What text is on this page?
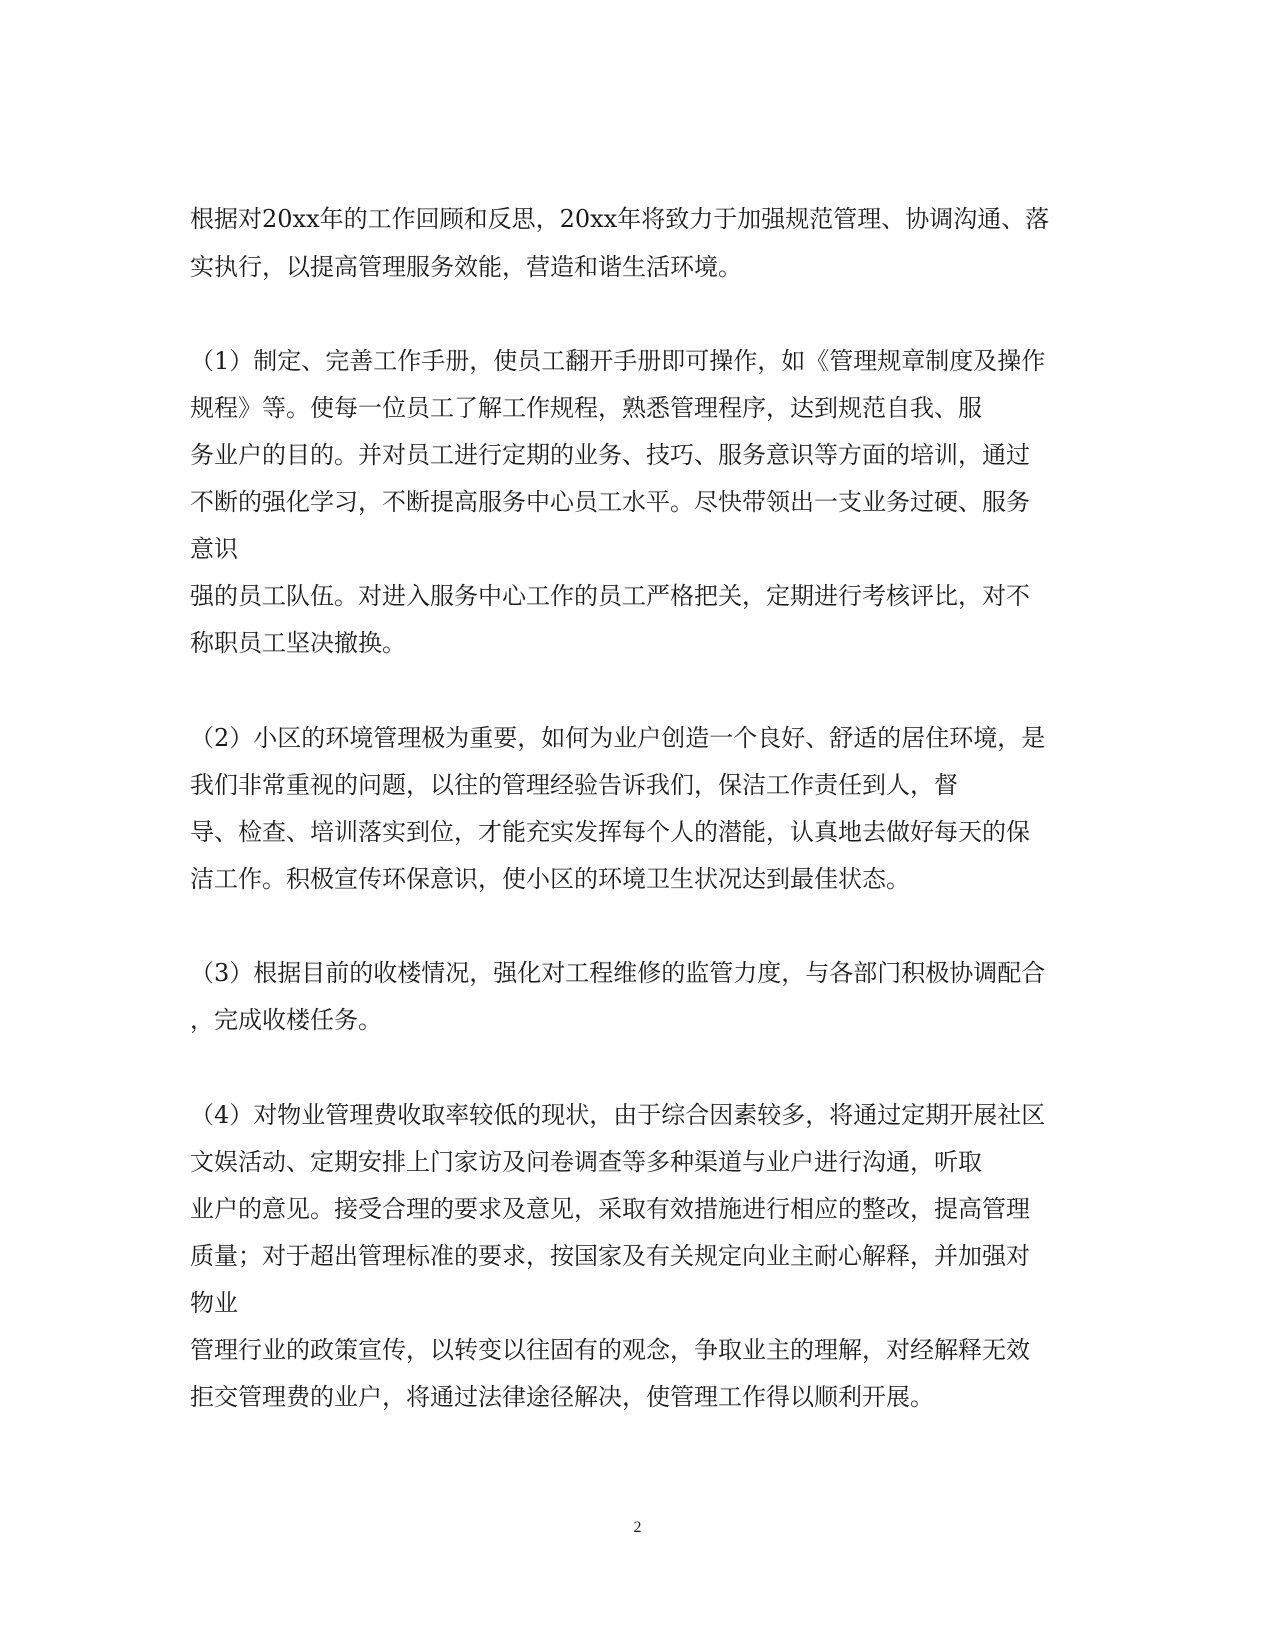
根据对20xx年的工作回顾和反思，20xx年将致力于加强规范管理、协调沟通、落
实执行，以提高管理服务效能，营造和谐生活环境。
（1）制定、完善工作手册，使员工翻开手册即可操作，如《管理规章制度及操作
规程》等。使每一位员工了解工作规程，熟悉管理程序，达到规范自我、服
务业户的目的。并对员工进行定期的业务、技巧、服务意识等方面的培训，通过
不断的强化学习，不断提高服务中心员工水平。尽快带领出一支业务过硬、服务
意识
强的员工队伍。对进入服务中心工作的员工严格把关，定期进行考核评比，对不
称职员工坚决撤换。
（2）小区的环境管理极为重要，如何为业户创造一个良好、舒适的居住环境，是
我们非常重视的问题，以往的管理经验告诉我们，保洁工作责任到人，督
导、检查、培训落实到位，才能充实发挥每个人的潜能，认真地去做好每天的保
洁工作。积极宣传环保意识，使小区的环境卫生状况达到最佳状态。
（3）根据目前的收楼情况，强化对工程维修的监管力度，与各部门积极协调配合
，完成收楼任务。
（4）对物业管理费收取率较低的现状，由于综合因素较多，将通过定期开展社区
文娱活动、定期安排上门家访及问卷调查等多种渠道与业户进行沟通，听取
业户的意见。接受合理的要求及意见，采取有效措施进行相应的整改，提高管理
质量；对于超出管理标准的要求，按国家及有关规定向业主耐心解释，并加强对
物业
管理行业的政策宣传，以转变以往固有的观念，争取业主的理解，对经解释无效
拒交管理费的业户，将通过法律途径解决，使管理工作得以顺利开展。
2
